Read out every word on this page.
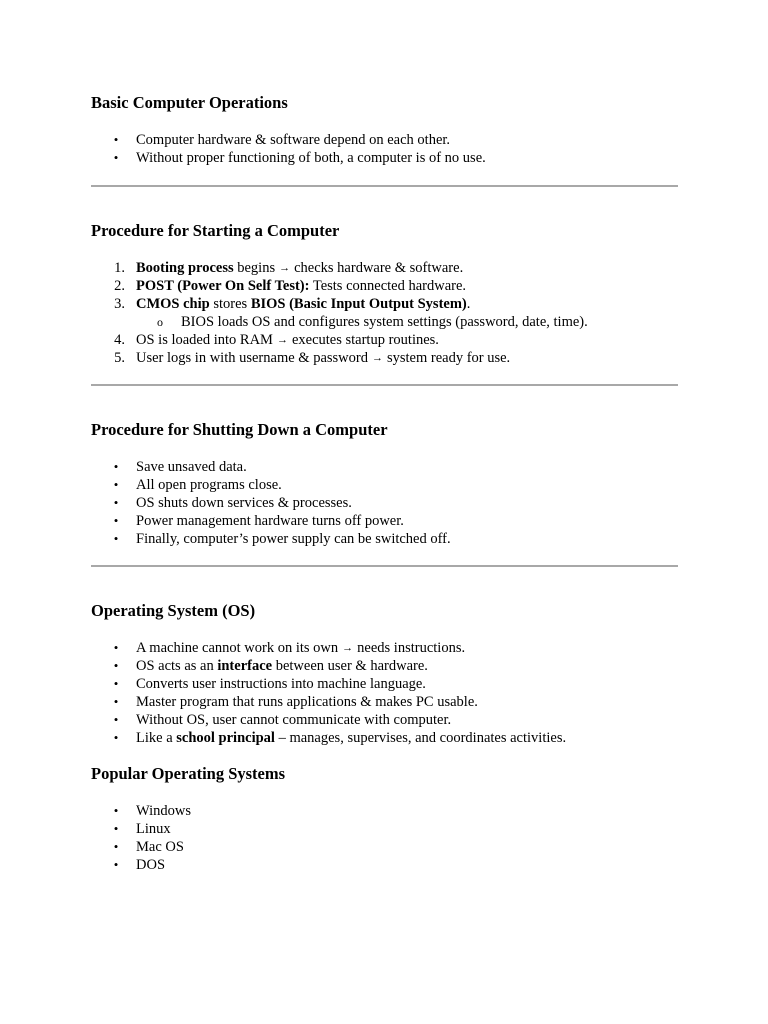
Basic Computer Operations
• Computer hardware & software depend on each other.
• Without proper functioning of both, a computer is of no use.
Procedure for Starting a Computer
1. Booting process begins → checks hardware & software.
2. POST (Power On Self Test): Tests connected hardware.
3. CMOS chip stores BIOS (Basic Input Output System).
o BIOS loads OS and configures system settings (password, date, time).
4. OS is loaded into RAM → executes startup routines.
5. User logs in with username & password → system ready for use.
Procedure for Shutting Down a Computer
• Save unsaved data.
• All open programs close.
• OS shuts down services & processes.
• Power management hardware turns off power.
• Finally, computer’s power supply can be switched off.
Operating System (OS)
• A machine cannot work on its own → needs instructions.
• OS acts as an interface between user & hardware.
• Converts user instructions into machine language.
• Master program that runs applications & makes PC usable.
• Without OS, user cannot communicate with computer.
• Like a school principal – manages, supervises, and coordinates activities.
Popular Operating Systems
• Windows
• Linux
• Mac OS
• DOS
